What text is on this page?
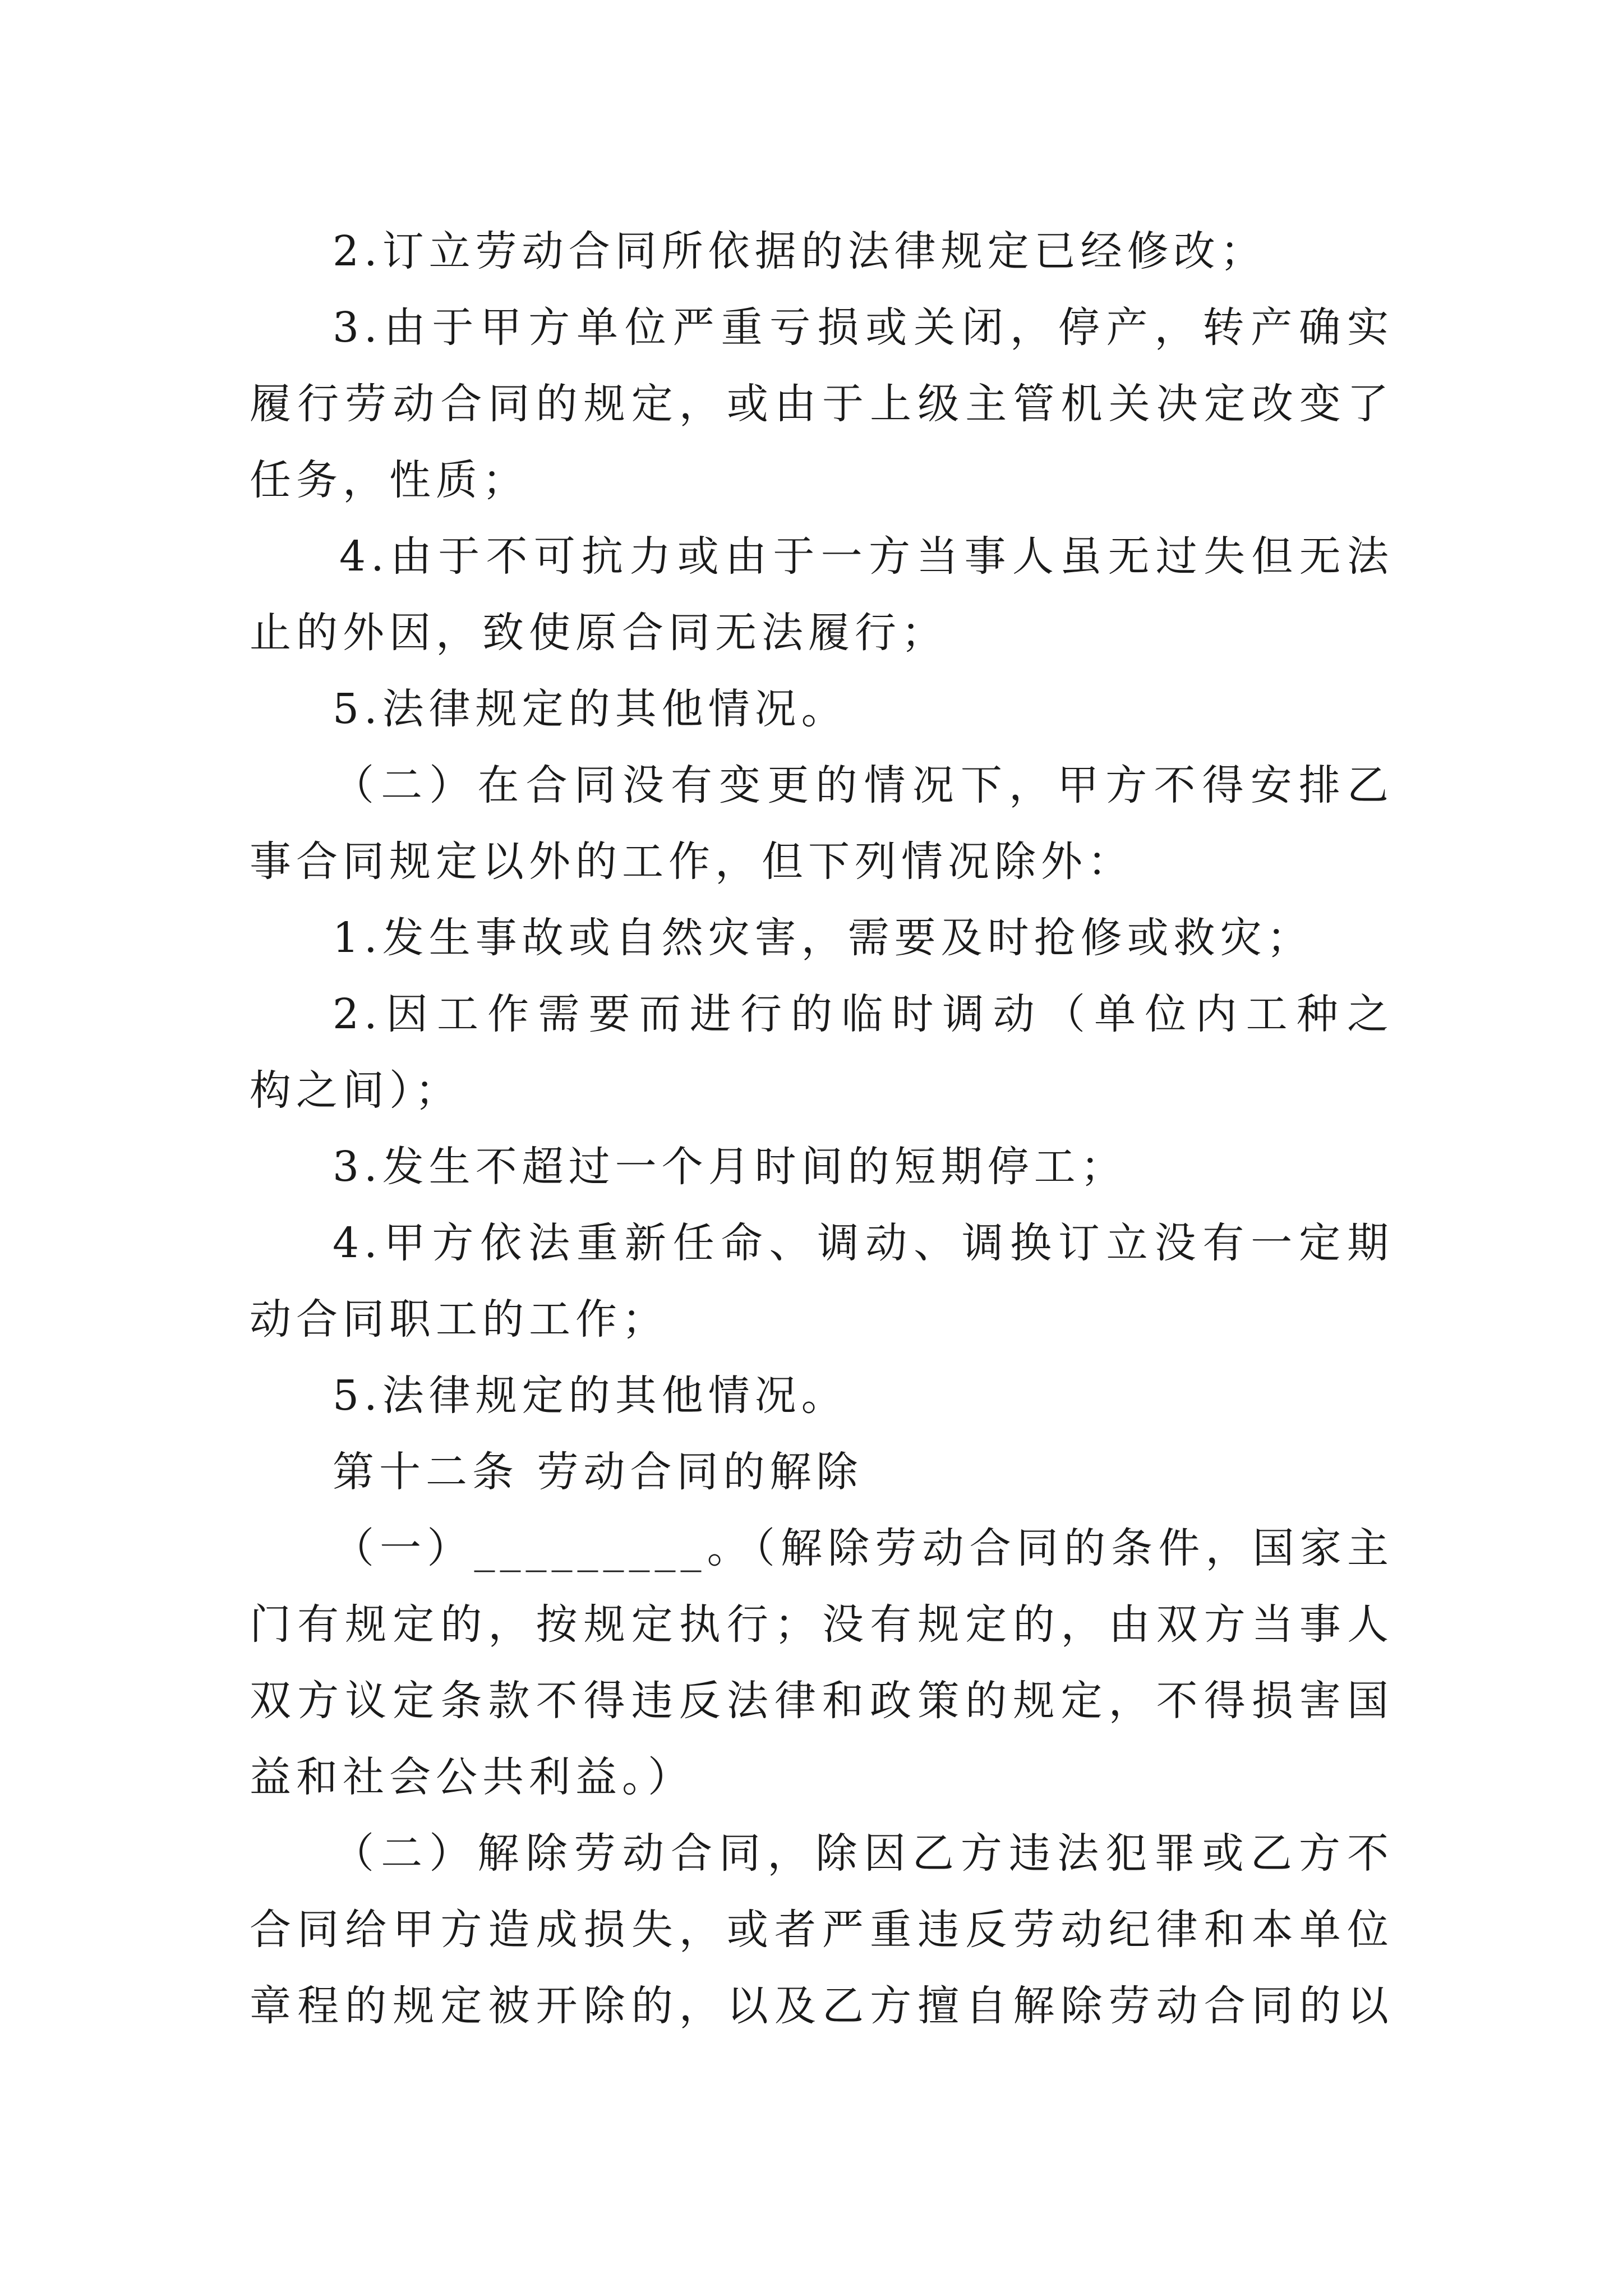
2.订立劳动合同所依据的法律规定已经修改；
3.由于甲方单位严重亏损或关闭，停产，转产确实
履行劳动合同的规定，或由于上级主管机关决定改变了
任务，性质；
4.由于不可抗力或由于一方当事人虽无过失但无法
止的外因，致使原合同无法履行；
5.法律规定的其他情况。
（二）在合同没有变更的情况下，甲方不得安排乙
事合同规定以外的工作，但下列情况除外：
1.发生事故或自然灾害，需要及时抢修或救灾；
2.因工作需要而进行的临时调动（单位内工种之
构之间）；
3.发生不超过一个月时间的短期停工；
4.甲方依法重新任命、调动、调换订立没有一定期
动合同职工的工作；
5.法律规定的其他情况。
第十二条 劳动合同的解除
（一）_________。（解除劳动合同的条件，国家主
门有规定的，按规定执行；没有规定的，由双方当事人
双方议定条款不得违反法律和政策的规定，不得损害国
益和社会公共利益。）
（二）解除劳动合同，除因乙方违法犯罪或乙方不
合同给甲方造成损失，或者严重违反劳动纪律和本单位
章程的规定被开除的，以及乙方擅自解除劳动合同的以
